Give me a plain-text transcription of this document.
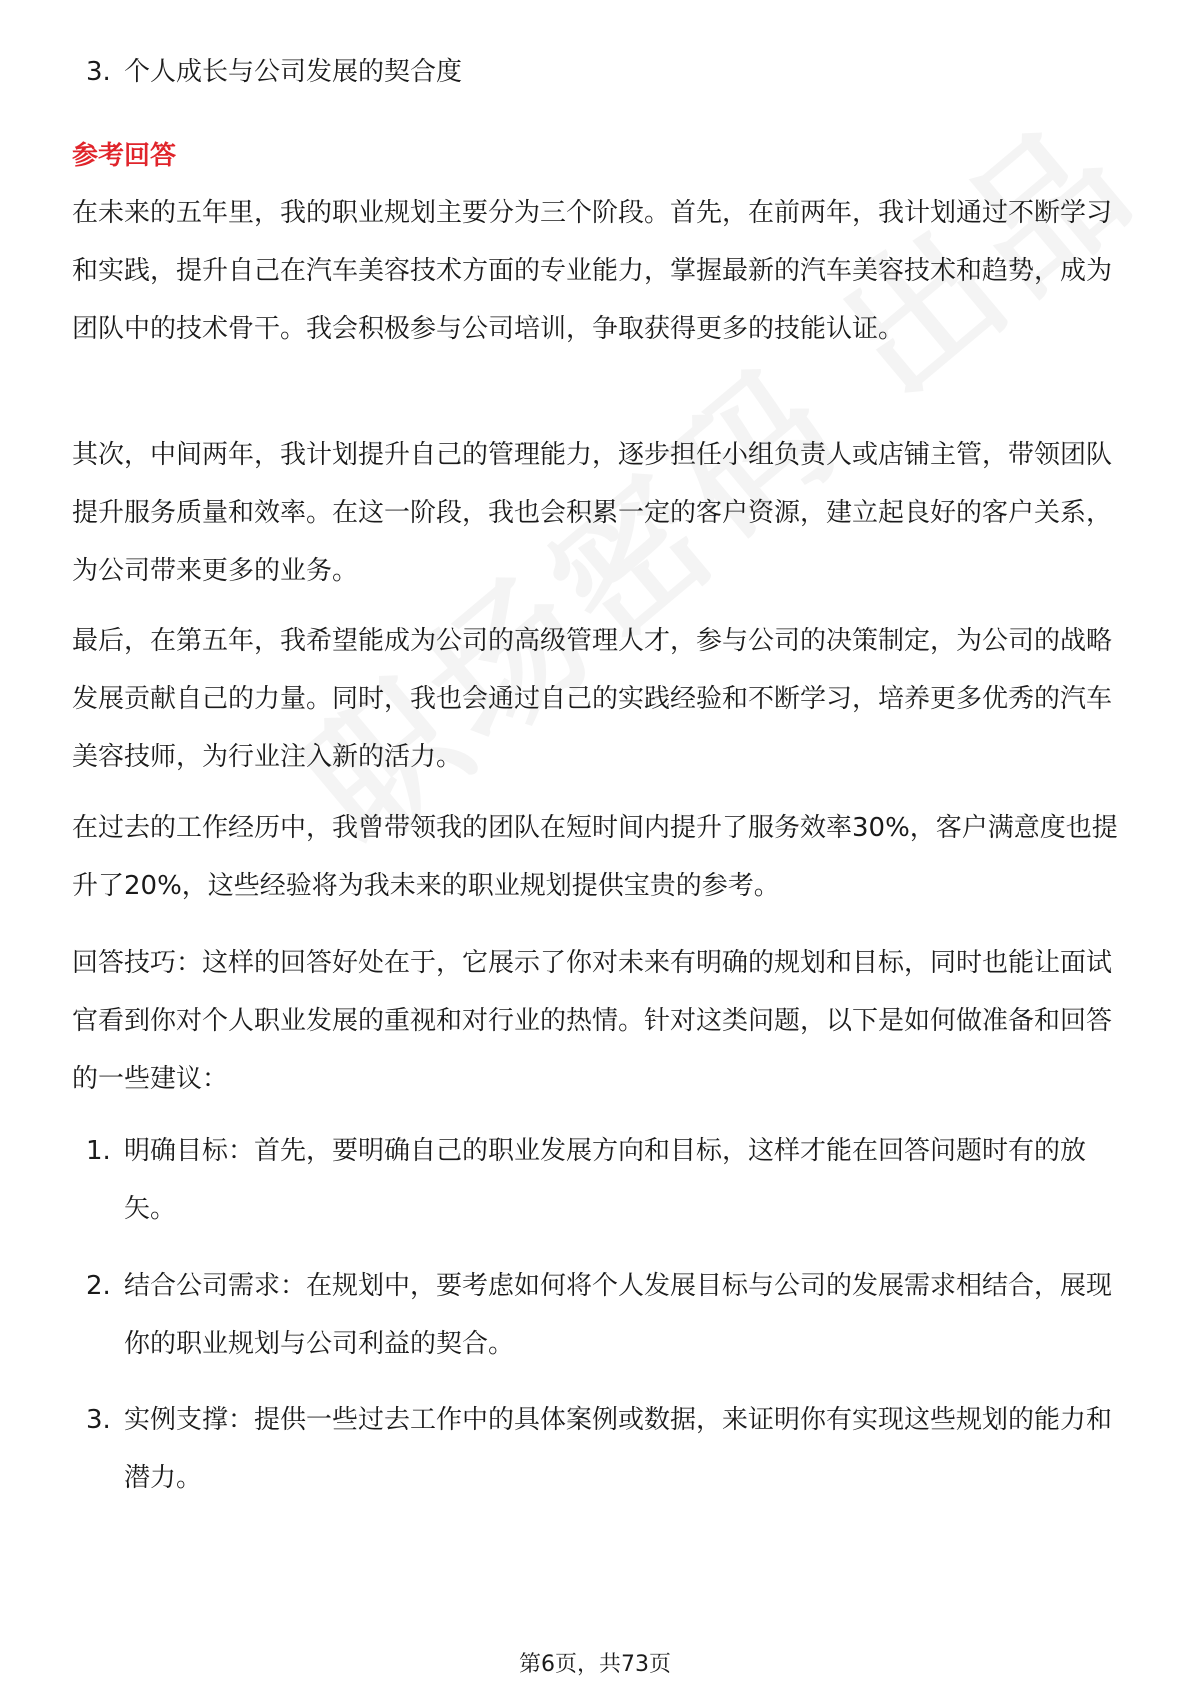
3. 个人成长与公司发展的契合度
参考回答

在未来的五年里，我的职业规划主要分为三个阶段。首先，在前两年，我计划通过不断学习和实践，提升自己在汽车美容技术方面的专业能力，掌握最新的汽车美容技术和趋势，成为团队中的技术骨干。我会积极参与公司培训，争取获得更多的技能认证。

其次，中间两年，我计划提升自己的管理能力，逐步担任小组负责人或店铺主管，带领团队提升服务质量和效率。在这一阶段，我也会积累一定的客户资源，建立起良好的客户关系，为公司带来更多的业务。

最后，在第五年，我希望能成为公司的高级管理人才，参与公司的决策制定，为公司的战略发展贡献自己的力量。同时，我也会通过自己的实践经验和不断学习，培养更多优秀的汽车美容技师，为行业注入新的活力。

在过去的工作经历中，我曾带领我的团队在短时间内提升了服务效率30%，客户满意度也提升了20%，这些经验将为我未来的职业规划提供宝贵的参考。

回答技巧：这样的回答好处在于，它展示了你对未来有明确的规划和目标，同时也能让面试官看到你对个人职业发展的重视和对行业的热情。针对这类问题，以下是如何做准备和回答的一些建议：

1. 明确目标：首先，要明确自己的职业发展方向和目标，这样才能在回答问题时有的放矢。
2. 结合公司需求：在规划中，要考虑如何将个人发展目标与公司的发展需求相结合，展现你的职业规划与公司利益的契合。
3. 实例支撑：提供一些过去工作中的具体案例或数据，来证明你有实现这些规划的能力和潜力。
第6页，共73页
